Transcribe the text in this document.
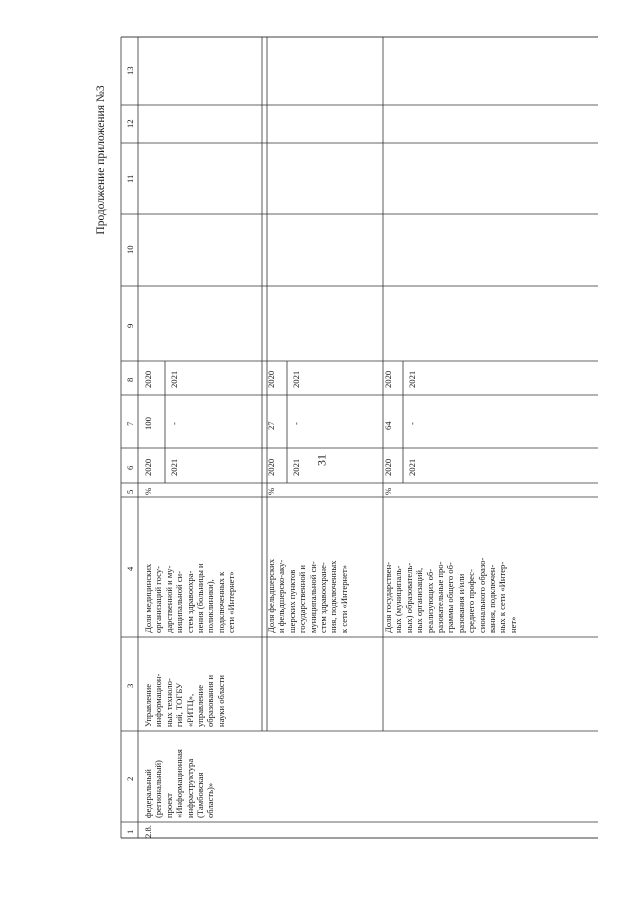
31
Продолжение приложения №3
1
2
3
4
5
6
7
8
9
10
11
12
13
2.8.
федеральный (региональный) проект «Информационная инфраструктура (Тамбовская область)»
Управление информацион- ных техноло- гий, ТОГБУ «РИТЦ», управление образования и науки области
Доля медицинских организаций госу- дарственной и му- ниципальной си- стем здравоохра- нения (больницы и поликлиники), подключенных к сети «Интернет»
%
2020
100
2020
2021
-
2021
Доля фельдшерских и фельдшерско-аку- шерских пунктов государственной и муниципальной си- стем здравоохране- ния, подключенных к сети «Интернет»
%
2020
27
2020
2021
-
2021
Доля государствен- ных (муниципаль- ных) образователь- ных организаций, реализующих об- разовательные про- граммы общего об- разования и/или среднего профес- сионального образо- вания, подключен- ных к сети «Интер- нет»
%
2020
64
2020
2021
-
2021
